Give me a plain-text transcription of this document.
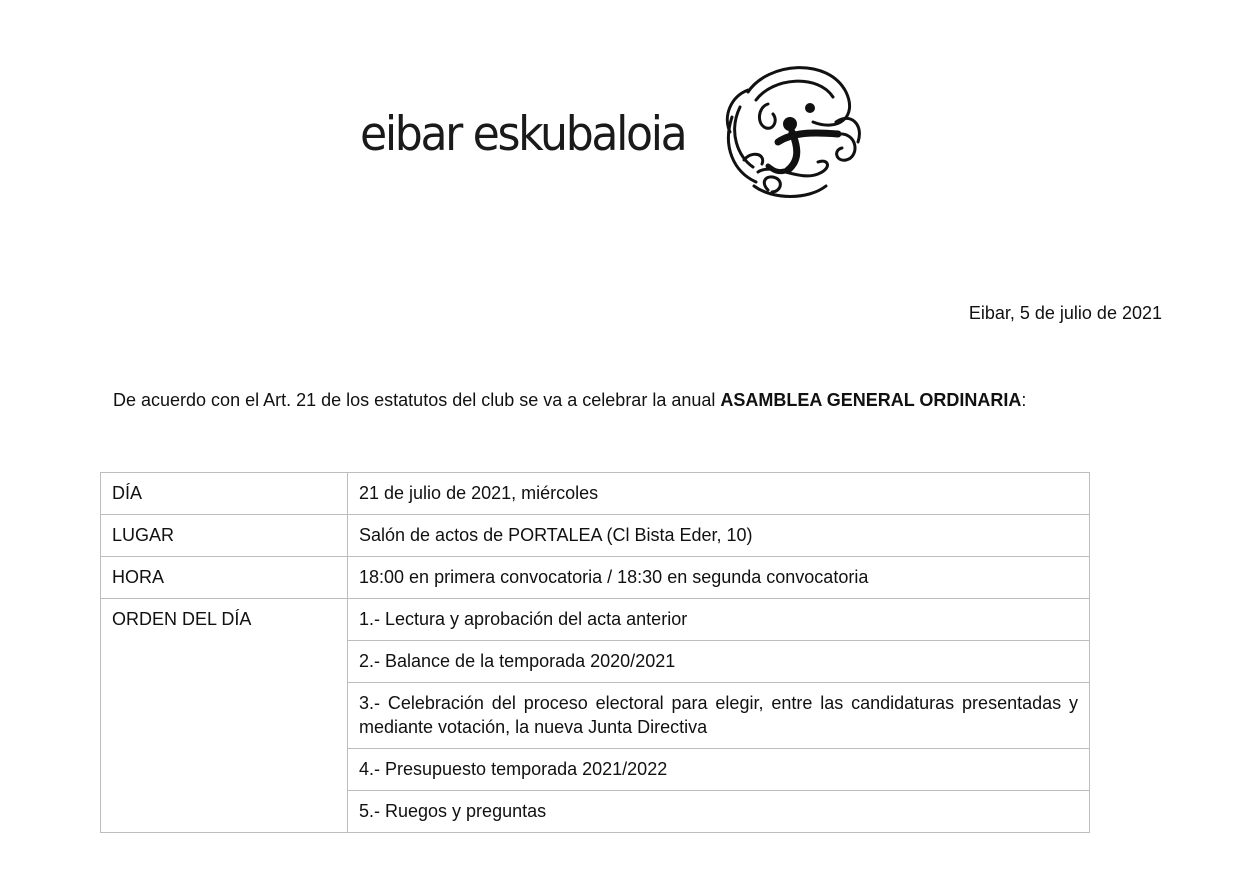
eibar eskubaloia
Eibar, 5 de julio de 2021
De acuerdo con el Art. 21 de los estatutos del club se va a celebrar la anual ASAMBLEA GENERAL ORDINARIA:
DÍA	21 de julio de 2021, miércoles
LUGAR	Salón de actos de PORTALEA (Cl Bista Eder, 10)
HORA	18:00 en primera convocatoria / 18:30 en segunda convocatoria
ORDEN DEL DÍA	1.- Lectura y aprobación del acta anterior
	2.- Balance de la temporada 2020/2021
	3.- Celebración del proceso electoral para elegir, entre las candidaturas presentadas y mediante votación, la nueva Junta Directiva
	4.- Presupuesto temporada 2021/2022
	5.- Ruegos y preguntas
